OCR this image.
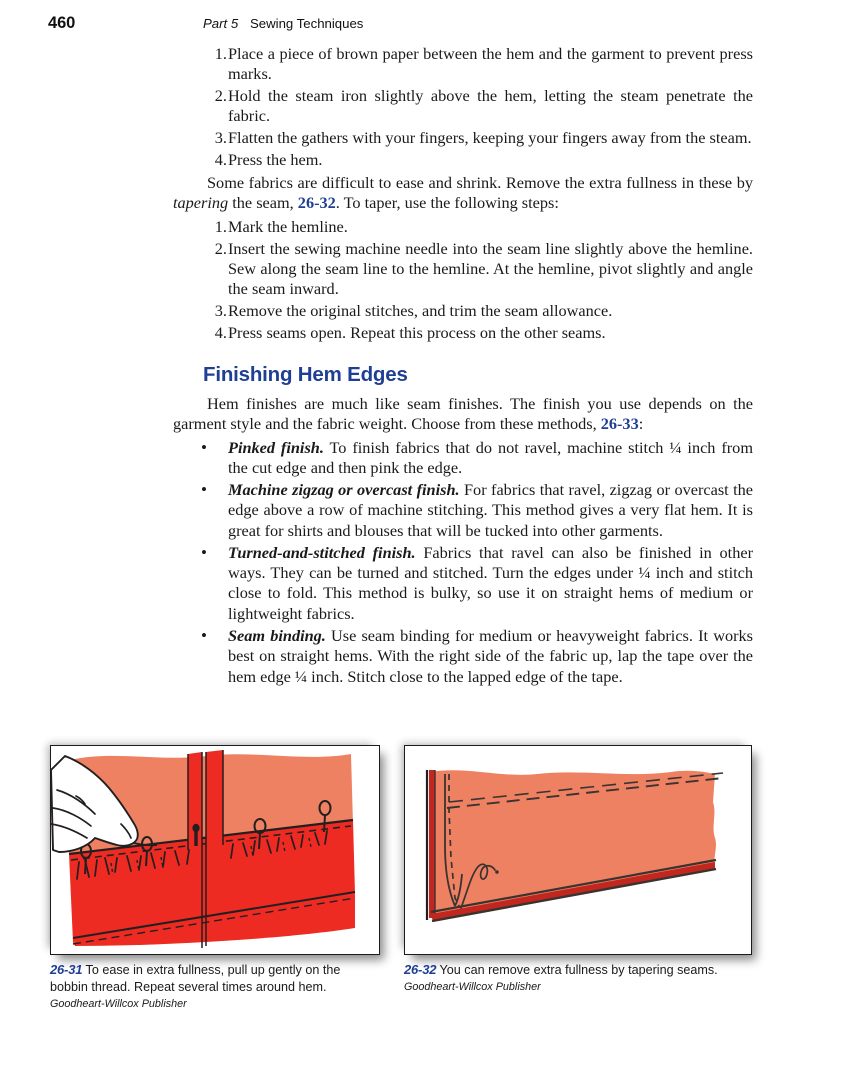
460	Part 5 Sewing Techniques
1. Place a piece of brown paper between the hem and the garment to prevent press marks.
2. Hold the steam iron slightly above the hem, letting the steam penetrate the fabric.
3. Flatten the gathers with your fingers, keeping your fingers away from the steam.
4. Press the hem.

Some fabrics are difficult to ease and shrink. Remove the extra fullness in these by tapering the seam, 26-32. To taper, use the following steps:

1. Mark the hemline.
2. Insert the sewing machine needle into the seam line slightly above the hemline. Sew along the seam line to the hemline. At the hemline, pivot slightly and angle the seam inward.
3. Remove the original stitches, and trim the seam allowance.
4. Press seams open. Repeat this process on the other seams.
Finishing Hem Edges

Hem finishes are much like seam finishes. The finish you use depends on the garment style and the fabric weight. Choose from these methods, 26-33:

• Pinked finish. To finish fabrics that do not ravel, machine stitch ¼ inch from the cut edge and then pink the edge.
• Machine zigzag or overcast finish. For fabrics that ravel, zigzag or overcast the edge above a row of machine stitching. This method gives a very flat hem. It is great for shirts and blouses that will be tucked into other garments.
• Turned-and-stitched finish. Fabrics that ravel can also be finished in other ways. They can be turned and stitched. Turn the edges under ¼ inch and stitch close to fold. This method is bulky, so use it on straight hems of medium or lightweight fabrics.
• Seam binding. Use seam binding for medium or heavyweight fabrics. It works best on straight hems. With the right side of the fabric up, lap the tape over the hem edge ¼ inch. Stitch close to the lapped edge of the tape.
26-31 To ease in extra fullness, pull up gently on the bobbin thread. Repeat several times around hem.
Goodheart-Willcox Publisher
26-32 You can remove extra fullness by tapering seams.
Goodheart-Willcox Publisher
